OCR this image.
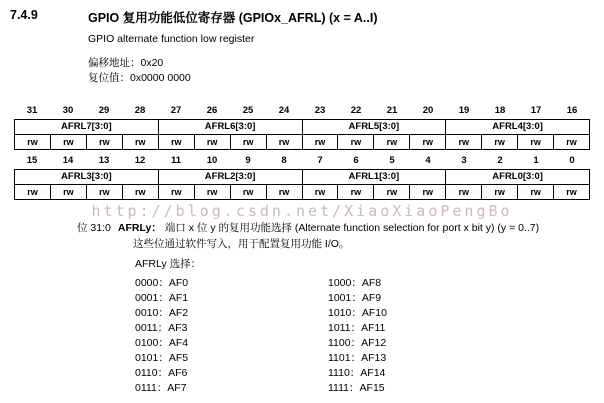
7.4.9	GPIO 复用功能低位寄存器 (GPIOx_AFRL) (x = A..I)

GPIO alternate function low register

偏移地址：0x20

复位值：0x0000 0000

31	30	29	28	27	26	25	24	23	22	21	20	19	18	17	16
AFRL7[3:0]	AFRL6[3:0]	AFRL5[3:0]	AFRL4[3:0]
rw	rw	rw	rw	rw	rw	rw	rw	rw	rw	rw	rw	rw	rw	rw	rw
15	14	13	12	11	10	9	8	7	6	5	4	3	2	1	0
AFRL3[3:0]	AFRL2[3:0]	AFRL1[3:0]	AFRL0[3:0]
rw	rw	rw	rw	rw	rw	rw	rw	rw	rw	rw	rw	rw	rw	rw	rw
http://blog.csdn.net/XiaoXiaoPengBo
位 31:0 AFRLy： 端口 x 位 y 的复用功能选择 (Alternate function selection for port x bit y) (y = 0..7)
这些位通过软件写入，用于配置复用功能 I/O。
AFRLy 选择：
0000：AF0	1000：AF8
0001：AF1	1001：AF9
0010：AF2	1010：AF10
0011：AF3	1011：AF11
0100：AF4	1100：AF12
0101：AF5	1101：AF13
0110：AF6	1110：AF14
0111：AF7	1111：AF15
